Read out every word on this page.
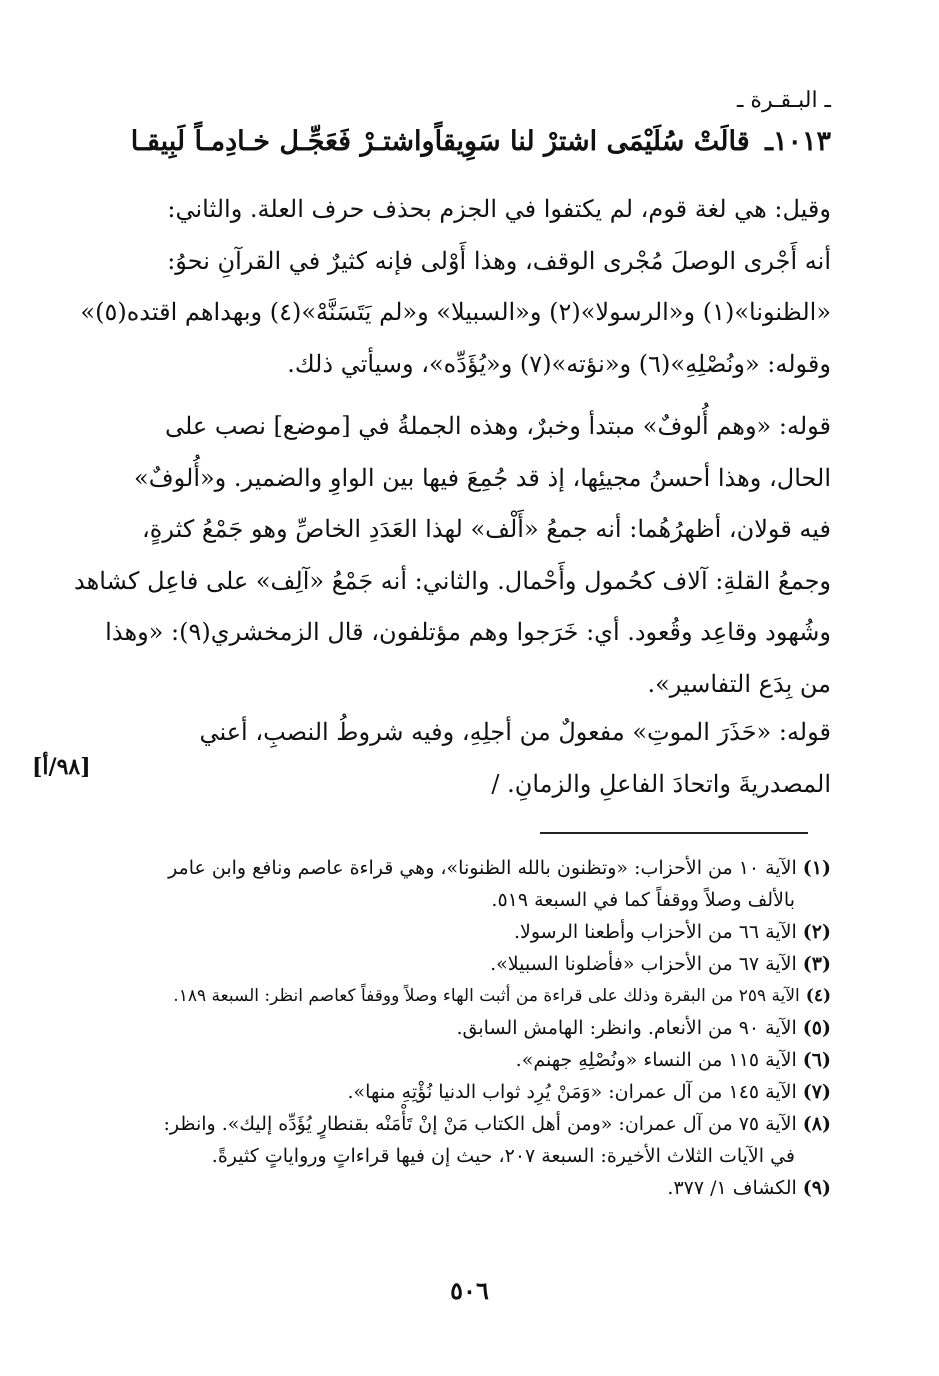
ـ البـقـرة ـ
١٠١٣ـ قالَتْ سُلَيْمَى اشترْ لنا سَوِيقاً
واشتـرْ فَعَجِّـل خـادِمـاً لَبِيقـا
وقيل: هي لغة قوم، لم يكتفوا في الجزم بحذف حرف العلة. والثاني:
أنه أَجْرى الوصلَ مُجْرى الوقف، وهذا أَوْلى فإنه كثيرٌ في القرآنِ نحوُ:
«الظنونا»(١) و«الرسولا»(٢) و«السبيلا» و«لم يَتَسَنَّهْ»(٤) وبهداهم اقتده(٥)»
وقوله: «ونُصْلِهِ»(٦) و«نؤته»(٧) و«يُؤَدِّه»، وسيأتي ذلك.
قوله: «وهم أُلوفٌ» مبتدأ وخبرٌ، وهذه الجملةُ في [موضع] نصب على
الحال، وهذا أحسنُ مجيئِها، إذ قد جُمِعَ فيها بين الواوِ والضمير. و«أُلوفٌ»
فيه قولان، أظهرُهُما: أنه جمعُ «أَلْف» لهذا العَدَدِ الخاصِّ وهو جَمْعُ كثرةٍ،
وجمعُ القلةِ: آلاف كحُمول وأَحْمال. والثاني: أنه جَمْعُ «آلِف» على فاعِل كشاهد
وشُهود وقاعِد وقُعود. أي: خَرَجوا وهم مؤتلفون، قال الزمخشري(٩): «وهذا
من بِدَع التفاسير».
قوله: «حَذَرَ الموتِ» مفعولٌ من أجلِهِ، وفيه شروطُ النصبِ، أعني
المصدريةَ واتحادَ الفاعلِ والزمانِ. /
[٩٨/أ]
(١)الآية ١٠ من الأحزاب: «وتظنون بالله الظنونا»، وهي قراءة عاصم ونافع وابن عامر
بالألف وصلاً ووقفاً كما في السبعة ٥١٩.
(٢)الآية ٦٦ من الأحزاب وأطعنا الرسولا.
(٣)الآية ٦٧ من الأحزاب «فأضلونا السبيلا».
(٤)الآية ٢٥٩ من البقرة وذلك على قراءة من أثبت الهاء وصلاً ووقفاً كعاصم انظر: السبعة ١٨٩.
(٥)الآية ٩٠ من الأنعام. وانظر: الهامش السابق.
(٦)الآية ١١٥ من النساء «ونُصْلِهِ جهنم».
(٧)الآية ١٤٥ من آل عمران: «وَمَنْ يُرِد ثواب الدنيا نُؤْتِهِ منها».
(٨)الآية ٧٥ من آل عمران: «ومن أهل الكتاب مَنْ إنْ تَأْمَنْه بقنطارٍ يُؤَدِّه إليك». وانظر:
في الآيات الثلاث الأخيرة: السبعة ٢٠٧، حيث إن فيها قراءاتٍ ورواياتٍ كثيرةً.
(٩)الكشاف ١/ ٣٧٧.
٥٠٦
